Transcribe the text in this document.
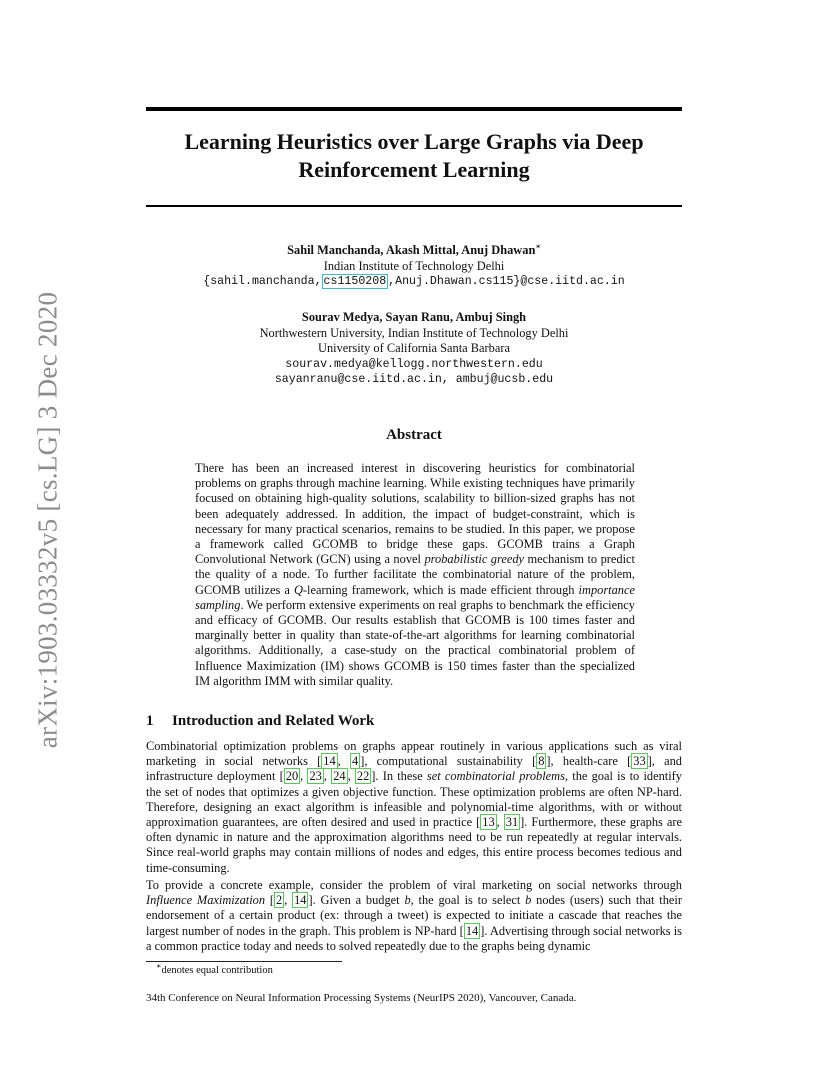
arXiv:1903.03332v5 [cs.LG] 3 Dec 2020
Learning Heuristics over Large Graphs via Deep
Reinforcement Learning
Sahil Manchanda, Akash Mittal, Anuj Dhawan∗
Indian Institute of Technology Delhi
{sahil.manchanda, cs1150208 ,Anuj.Dhawan.cs115}@cse.iitd.ac.in
Sourav Medya, Sayan Ranu, Ambuj Singh
Northwestern University, Indian Institute of Technology Delhi
University of California Santa Barbara
sourav.medya@kellogg.northwestern.edu
sayanranu@cse.iitd.ac.in, ambuj@ucsb.edu
Abstract
There has been an increased interest in discovering heuristics for combinatorial problems on graphs through machine learning. While existing techniques have primarily focused on obtaining high-quality solutions, scalability to billion-sized graphs has not been adequately addressed. In addition, the impact of budget-constraint, which is necessary for many practical scenarios, remains to be studied. In this paper, we propose a framework called GCOMB to bridge these gaps. GCOMB trains a Graph Convolutional Network (GCN) using a novel probabilistic greedy mechanism to predict the quality of a node. To further facilitate the combinatorial nature of the problem, GCOMB utilizes a Q-learning framework, which is made efficient through importance sampling. We perform extensive experiments on real graphs to benchmark the efficiency and efficacy of GCOMB. Our results establish that GCOMB is 100 times faster and marginally better in quality than state-of-the-art algorithms for learning combinatorial algorithms. Additionally, a case-study on the practical combinatorial problem of Influence Maximization (IM) shows GCOMB is 150 times faster than the specialized IM algorithm IMM with similar quality.
1 Introduction and Related Work
Combinatorial optimization problems on graphs appear routinely in various applications such as viral marketing in social networks [ 14 , 4 ], computational sustainability [ 8 ], health-care [ 33 ], and infrastructure deployment [ 20 , 23 , 24 , 22 ]. In these set combinatorial problems, the goal is to identify the set of nodes that optimizes a given objective function. These optimization problems are often NP-hard. Therefore, designing an exact algorithm is infeasible and polynomial-time algorithms, with or without approximation guarantees, are often desired and used in practice [ 13 , 31 ]. Furthermore, these graphs are often dynamic in nature and the approximation algorithms need to be run repeatedly at regular intervals. Since real-world graphs may contain millions of nodes and edges, this entire process becomes tedious and time-consuming.
To provide a concrete example, consider the problem of viral marketing on social networks through Influence Maximization [ 2 , 14 ]. Given a budget b, the goal is to select b nodes (users) such that their endorsement of a certain product (ex: through a tweet) is expected to initiate a cascade that reaches the largest number of nodes in the graph. This problem is NP-hard [ 14 ]. Advertising through social networks is a common practice today and needs to solved repeatedly due to the graphs being dynamic
∗denotes equal contribution
34th Conference on Neural Information Processing Systems (NeurIPS 2020), Vancouver, Canada.
